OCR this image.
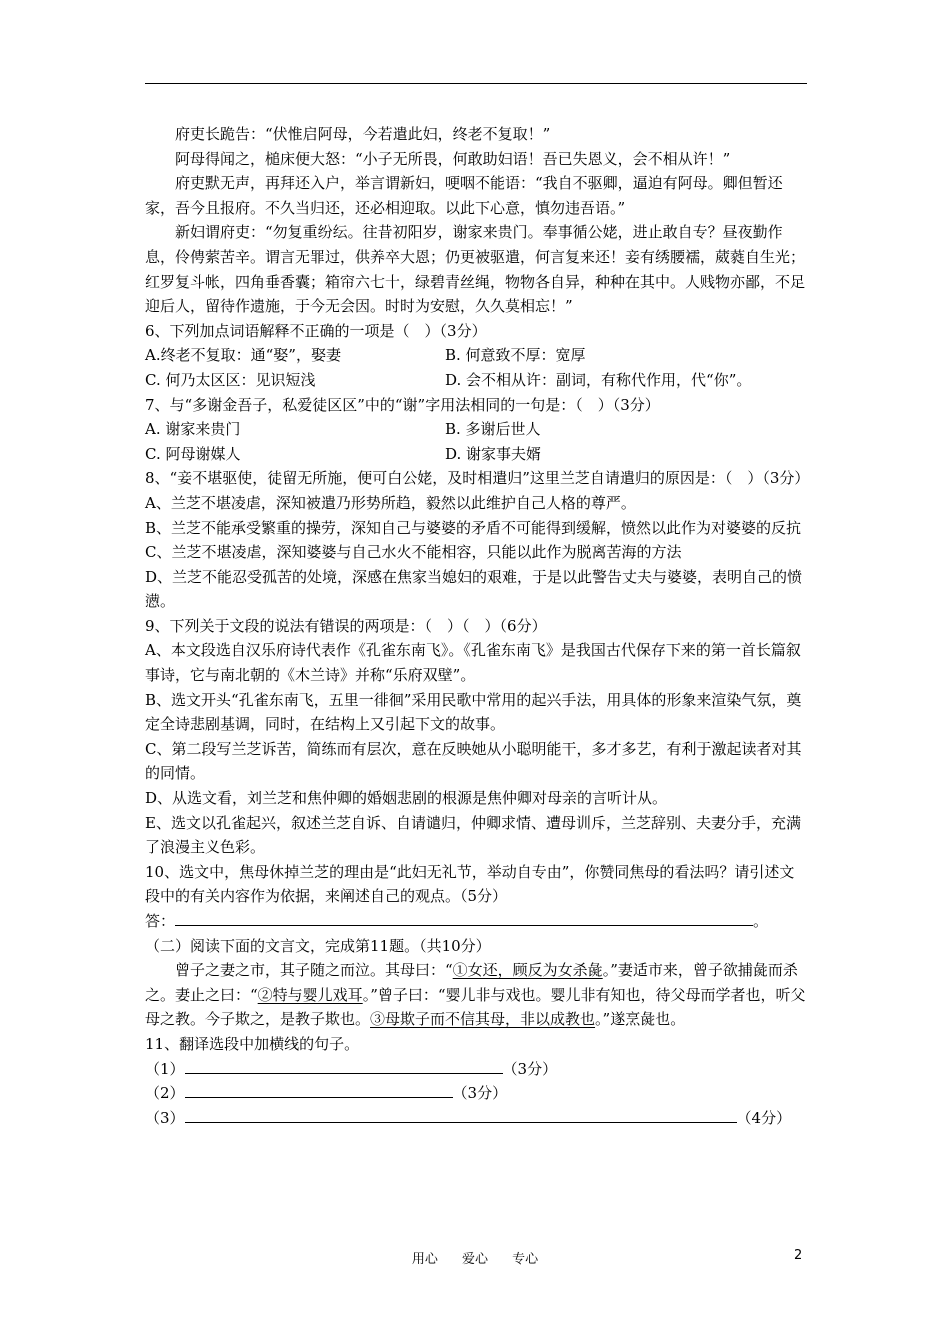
府吏长跪告：“伏惟启阿母，今若遣此妇，终老不复取！”

阿母得闻之，槌床便大怒：“小子无所畏，何敢助妇语！吾已失恩义，会不相从许！”

府吏默无声，再拜还入户，举言谓新妇，哽咽不能语：“我自不驱卿，逼迫有阿母。卿但暂还家，吾今且报府。不久当归还，还必相迎取。以此下心意，慎勿违吾语。”

新妇谓府吏：“勿复重纷纭。往昔初阳岁，谢家来贵门。奉事循公姥，进止敢自专？昼夜勤作息，伶俜萦苦辛。谓言无罪过，供养卒大恩；仍更被驱遣，何言复来还！妾有绣腰襦，葳蕤自生光；红罗复斗帐，四角垂香囊；箱帘六七十，绿碧青丝绳，物物各自异，种种在其中。人贱物亦鄙，不足迎后人，留待作遗施，于今无会因。时时为安慰，久久莫相忘！”

6、下列加点词语解释不正确的一项是（　）（3分）

A.终老不复取：通“娶”，娶妻	B. 何意致不厚：宽厚
C. 何乃太区区：见识短浅	D. 会不相从许：副词，有称代作用，代“你”。

7、与“多谢金吾子，私爱徒区区”中的“谢”字用法相同的一句是：（　）（3分）

A. 谢家来贵门	B. 多谢后世人
C. 阿母谢媒人	D. 谢家事夫婿

8、“妾不堪驱使，徒留无所施，便可白公姥，及时相遣归”这里兰芝自请遣归的原因是：（　）（3分）

A、兰芝不堪凌虐，深知被遣乃形势所趋，毅然以此维护自己人格的尊严。

B、兰芝不能承受繁重的操劳，深知自己与婆婆的矛盾不可能得到缓解，愤然以此作为对婆婆的反抗

C、兰芝不堪凌虐，深知婆婆与自己水火不能相容，只能以此作为脱离苦海的方法

D、兰芝不能忍受孤苦的处境，深感在焦家当媳妇的艰难，于是以此警告丈夫与婆婆，表明自己的愤懑。

9、下列关于文段的说法有错误的两项是：（　）（　）（6分）

A、本文段选自汉乐府诗代表作《孔雀东南飞》。《孔雀东南飞》是我国古代保存下来的第一首长篇叙事诗，它与南北朝的《木兰诗》并称“乐府双壁”。

B、选文开头“孔雀东南飞，五里一徘徊”采用民歌中常用的起兴手法，用具体的形象来渲染气氛，奠定全诗悲剧基调，同时，在结构上又引起下文的故事。

C、第二段写兰芝诉苦，简练而有层次，意在反映她从小聪明能干，多才多艺，有利于激起读者对其的同情。

D、从选文看，刘兰芝和焦仲卿的婚姻悲剧的根源是焦仲卿对母亲的言听计从。

E、选文以孔雀起兴，叙述兰芝自诉、自请谴归，仲卿求情、遭母训斥，兰芝辞别、夫妻分手，充满了浪漫主义色彩。

10、选文中，焦母休掉兰芝的理由是“此妇无礼节，举动自专由”，你赞同焦母的看法吗？请引述文段中的有关内容作为依据，来阐述自己的观点。（5分）

答：	。

（二）阅读下面的文言文，完成第11题。（共10分）

曾子之妻之市，其子随之而泣。其母曰：“①女还，顾反为女杀彘。”妻适市来，曾子欲捕彘而杀之。妻止之曰：“②特与婴儿戏耳。”曾子曰：“婴儿非与戏也。婴儿非有知也，待父母而学者也，听父母之教。今子欺之，是教子欺也。③母欺子而不信其母，非以成教也。”遂烹彘也。

11、翻译选段中加横线的句子。

（1）	（3分）

（2）	（3分）

（3）	（4分）

用心 爱心 专心	2
